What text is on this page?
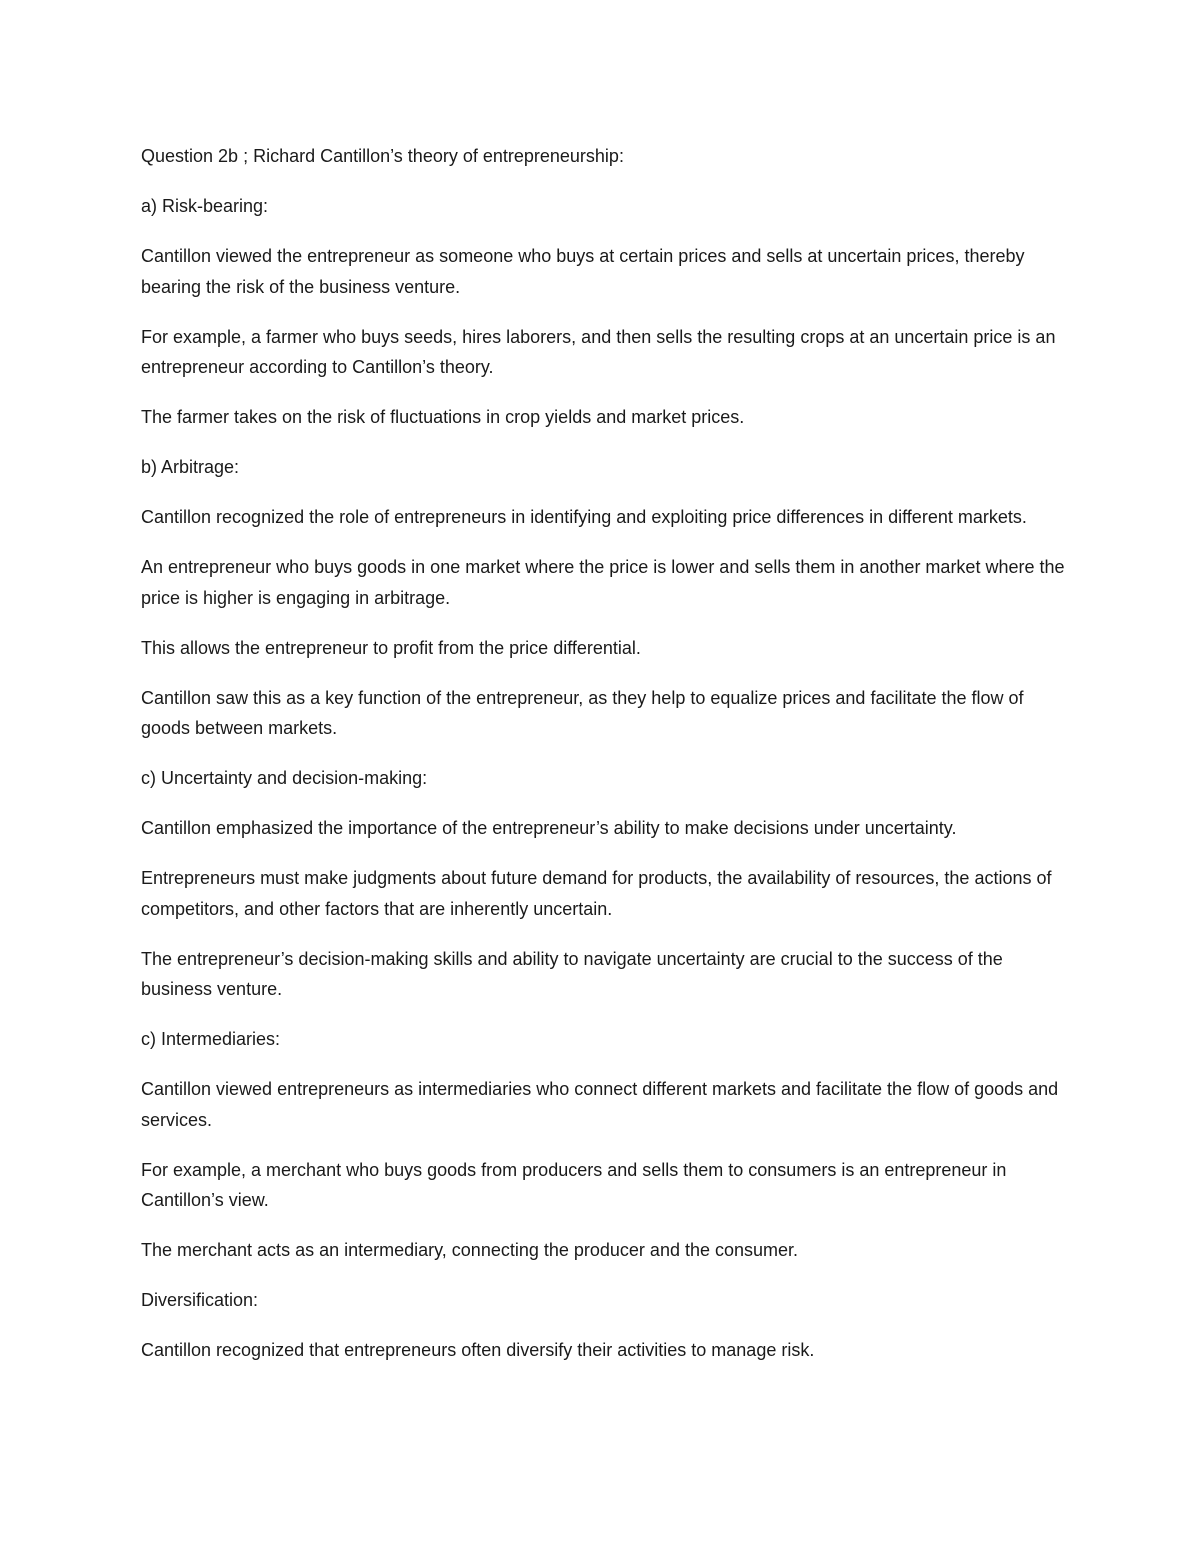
Question 2b ; Richard Cantillon’s theory of entrepreneurship:

a) Risk-bearing:

Cantillon viewed the entrepreneur as someone who buys at certain prices and sells at uncertain prices, thereby bearing the risk of the business venture.

For example, a farmer who buys seeds, hires laborers, and then sells the resulting crops at an uncertain price is an entrepreneur according to Cantillon’s theory.

The farmer takes on the risk of fluctuations in crop yields and market prices.

b) Arbitrage:

Cantillon recognized the role of entrepreneurs in identifying and exploiting price differences in different markets.

An entrepreneur who buys goods in one market where the price is lower and sells them in another market where the price is higher is engaging in arbitrage.

This allows the entrepreneur to profit from the price differential.

Cantillon saw this as a key function of the entrepreneur, as they help to equalize prices and facilitate the flow of goods between markets.

c) Uncertainty and decision-making:

Cantillon emphasized the importance of the entrepreneur’s ability to make decisions under uncertainty.

Entrepreneurs must make judgments about future demand for products, the availability of resources, the actions of competitors, and other factors that are inherently uncertain.

The entrepreneur’s decision-making skills and ability to navigate uncertainty are crucial to the success of the business venture.

c) Intermediaries:

Cantillon viewed entrepreneurs as intermediaries who connect different markets and facilitate the flow of goods and services.

For example, a merchant who buys goods from producers and sells them to consumers is an entrepreneur in Cantillon’s view.

The merchant acts as an intermediary, connecting the producer and the consumer.

Diversification:

Cantillon recognized that entrepreneurs often diversify their activities to manage risk.
